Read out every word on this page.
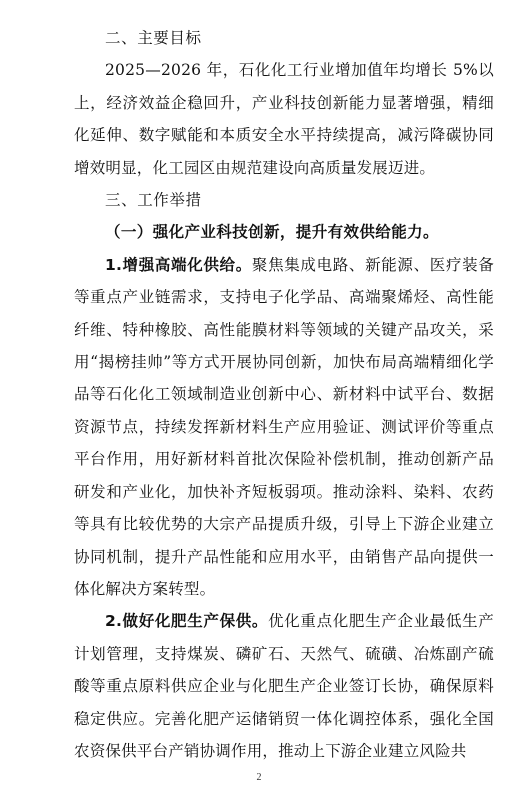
二、主要目标

2025—2026 年，石化化工行业增加值年均增长 5%以上，经济效益企稳回升，产业科技创新能力显著增强，精细化延伸、数字赋能和本质安全水平持续提高，减污降碳协同增效明显，化工园区由规范建设向高质量发展迈进。

三、工作举措
（一）强化产业科技创新，提升有效供给能力。

1.增强高端化供给。聚焦集成电路、新能源、医疗装备等重点产业链需求，支持电子化学品、高端聚烯烃、高性能纤维、特种橡胶、高性能膜材料等领域的关键产品攻关，采用“揭榜挂帅”等方式开展协同创新，加快布局高端精细化学品等石化化工领域制造业创新中心、新材料中试平台、数据资源节点，持续发挥新材料生产应用验证、测试评价等重点平台作用，用好新材料首批次保险补偿机制，推动创新产品研发和产业化，加快补齐短板弱项。推动涂料、染料、农药等具有比较优势的大宗产品提质升级，引导上下游企业建立协同机制，提升产品性能和应用水平，由销售产品向提供一体化解决方案转型。

2.做好化肥生产保供。优化重点化肥生产企业最低生产计划管理，支持煤炭、磷矿石、天然气、硫磺、冶炼副产硫酸等重点原料供应企业与化肥生产企业签订长协，确保原料稳定供应。完善化肥产运储销贸一体化调控体系，强化全国农资保供平台产销协调作用，推动上下游企业建立风险共

2
